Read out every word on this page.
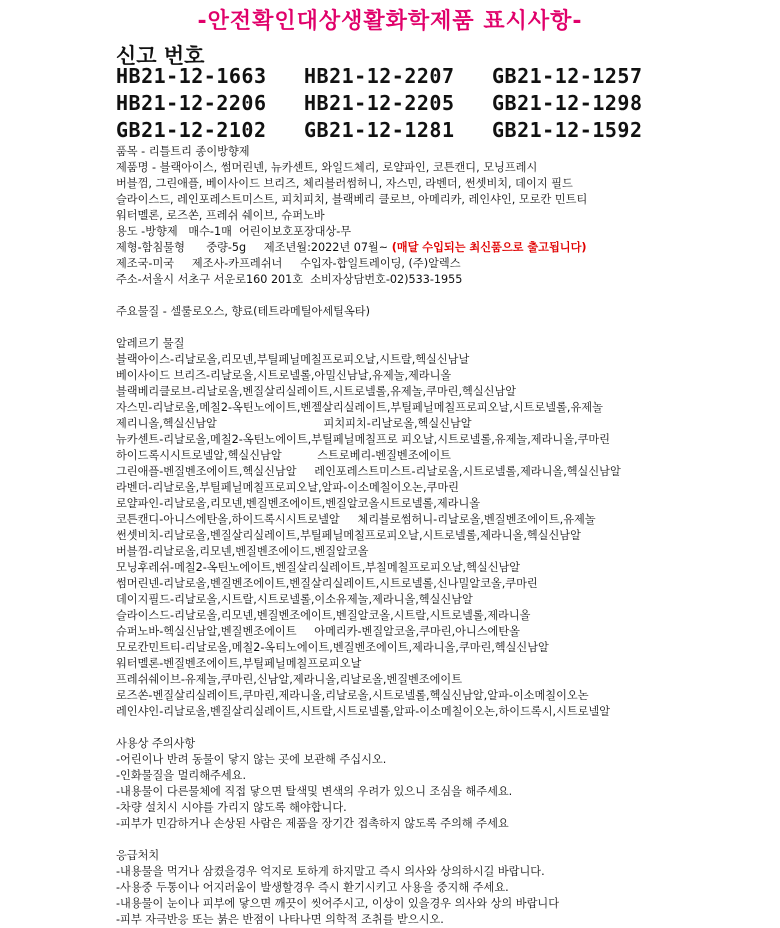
-안전확인대상생활화학제품 표시사항-
신고 번호
HB21-12-1663	HB21-12-2207	GB21-12-1257
HB21-12-2206	HB21-12-2205	GB21-12-1298
GB21-12-2102	GB21-12-1281	GB21-12-1592
품목 - 리틀트리 종이방향제
제품명 - 블랙아이스, 썸머린넨, 뉴카센트, 와일드체리, 로얄파인, 코튼캔디, 모닝프레시
버블껌, 그린애플, 베이사이드 브리즈, 체리블러썸허니, 자스민, 라벤더, 썬셋비치, 데이지 필드
슬라이스드, 레인포레스트미스트, 피치피치, 블랙베리 클로브, 아메리카, 레인샤인, 모로칸 민트티
워터멜론, 로즈쏜, 프레쉬 쉐이브, 슈퍼노바
용도 -방향제   매수-1매  어린이보호포장대상-무
제형-함침물형      중량-5g     제조년월:2022년 07월~ (매달 수입되는 최신품으로 출고됩니다)
제조국-미국     제조사-카프레쉬너     수입자-합일트레이딩, (주)알렉스
주소-서울시 서초구 서운로160 201호  소비자상담번호-02)533-1955
주요물질 - 셀룰로오스, 향료(테트라메틸아세틸옥타)
알레르기 물질
블랙아이스-리날로올,리모넨,부틸페닐메칠프로피오날,시트랄,헥실신남날
베이사이드 브리즈-리날로올,시트로넬롤,아밀신남날,유제놀,제라니올
블랙베리클로브-리날로올,벤질살리실레이트,시트로넬롤,유제놀,쿠마린,헥실신남알
자스민-리날로올,메칠2-옥틴노에이트,벤젤살리실레이트,부틸페닐메칠프로피오날,시트로넬롤,유제놀
제리니올,헥실신남알                              피치피치-리날로올,헥실신남알
뉴카센트-리날로올,메칠2-옥틴노에이트,부틸페닐메칠프로 피오날,시트로넬롤,유제놀,제라니올,쿠마린
하이드록시시트로넬알,헥실신남알          스트로베리-벤질벤조에이트
그린애플-벤질벤조에이트,헥실신남알     레인포레스트미스트-리날로올,시트로넬롤,제라니올,헥실신남알
라벤더-리날로올,부틸페닐메칠프로피오날,알파-이소메칠이오논,쿠마린
로얄파인-리날로올,리모넨,벤질벤조에이트,벤질알코올시트로넬롤,제라니올
코튼캔디-아니스에탄올,하이드록시시트로넬알     체리블로썸허니-리날로올,벤질벤조에이트,유제놀
썬셋비치-리날로올,벤질살리실레이트,부틸페닐메칠프로피오날,시트로넬롤,제라니올,헥실신남알
버블껌-리날로올,리모넨,벤질벤조에이드,벤질알코올
모닝후레쉬-메칠2-옥틴노에이트,벤질살리실레이트,부칠메칠프로피오날,헥실신남알
썸머린넨-리날로올,벤질벤조에이트,벤질살리실레이트,시트로넬롤,신나밀알코올,쿠마린
데이지필드-리날로올,시트랄,시트로넬롤,이소유제놀,제라니올,헥실신남알
슬라이스드-리날로올,리모넨,벤질벤조에이트,벤질알코올,시트랄,시트로넬롤,제라니올
슈퍼노바-헥실신남알,벤질벤조에이트     아메리카-벤질알코올,쿠마린,아니스에탄올
모로칸민트티-리날로올,메칠2-옥티노에이트,벤질벤조에이트,제라니올,쿠마린,헥실신남알
워터멜론-벤질벤조에이트,부틸페닐메칠프로피오날
프레쉬쉐이브-유제놀,쿠마린,신남알,제라니올,리날로올,벤질벤조에이트
로즈쏜-벤질살리실레이트,쿠마린,제라니올,리날로올,시트로넬롤,헥실신남알,알파-이소메칠이오논
레인샤인-리날로올,벤질살리실레이트,시트랄,시트로넬롤,알파-이소메칠이오논,하이드록시,시트로넬알
사용상 주의사항
-어린이나 반려 동물이 닿지 않는 곳에 보관해 주십시오.
-인화물질을 멀리해주세요.
-내용물이 다른물체에 직접 닿으면 탈색및 변색의 우려가 있으니 조심을 해주세요.
-차량 설치시 시야를 가리지 않도록 해야합니다.
-피부가 민감하거나 손상된 사람은 제품을 장기간 접촉하지 않도록 주의해 주세요
응급처치
-내용물을 먹거나 삼켰을경우 억지로 토하게 하지말고 즉시 의사와 상의하시길 바랍니다.
-사용중 두통이나 어지러움이 발생할경우 즉시 환기시키고 사용을 중지해 주세요.
-내용물이 눈이나 피부에 닿으면 깨끗이 씻어주시고, 이상이 있을경우 의사와 상의 바랍니다
-피부 자극반응 또는 붉은 반점이 나타나면 의학적 조취를 받으시오.
